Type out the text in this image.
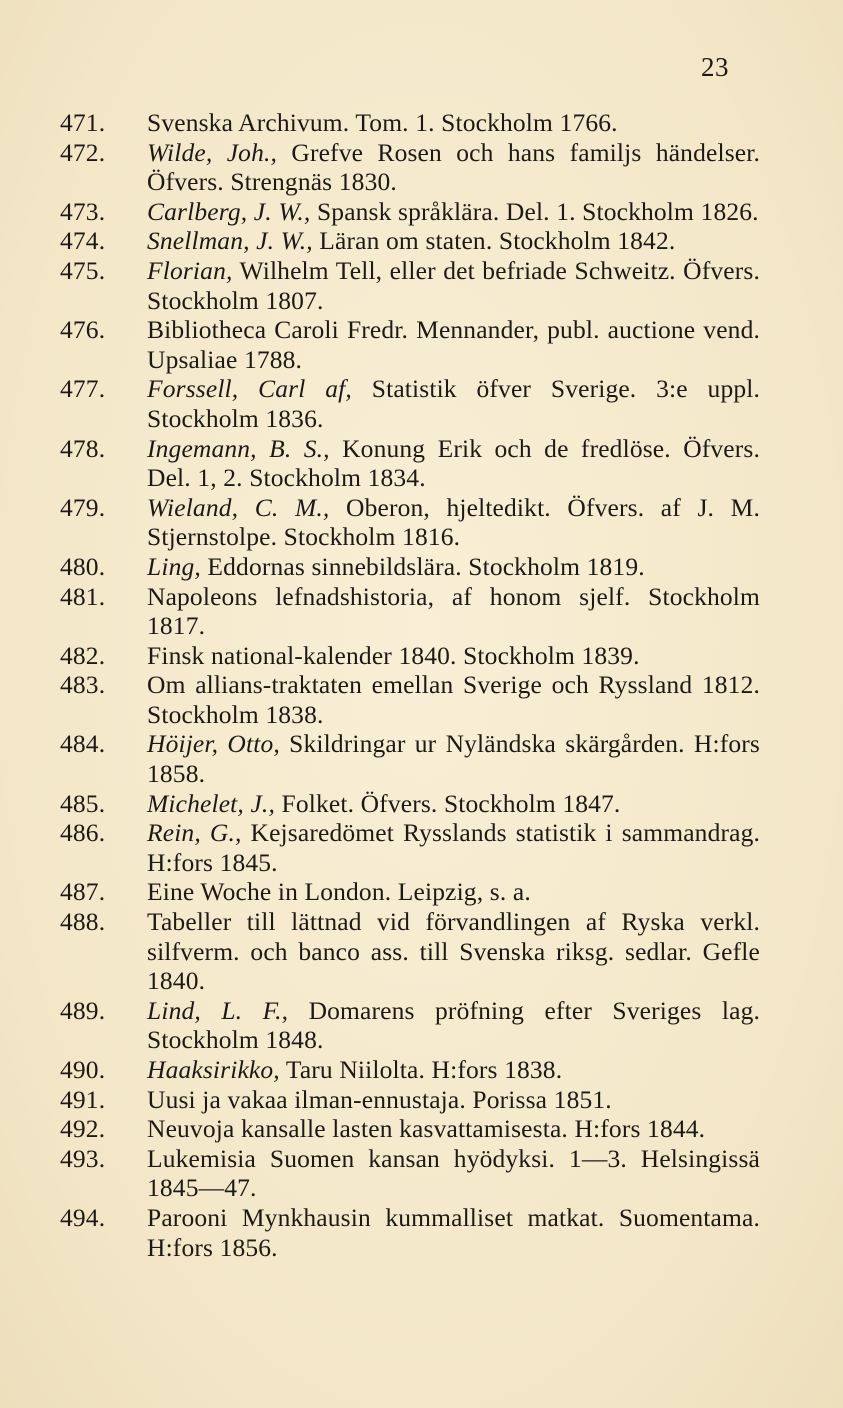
23
471. Svenska Archivum. Tom. 1. Stockholm 1766.
472. Wilde, Joh., Grefve Rosen och hans familjs händelser. Öfvers. Strengnäs 1830.
473. Carlberg, J. W., Spansk språklära. Del. 1. Stockholm 1826.
474. Snellman, J. W., Läran om staten. Stockholm 1842.
475. Florian, Wilhelm Tell, eller det befriade Schweitz. Öfvers. Stockholm 1807.
476. Bibliotheca Caroli Fredr. Mennander, publ. auctione vend. Upsaliae 1788.
477. Forssell, Carl af, Statistik öfver Sverige. 3:e uppl. Stockholm 1836.
478. Ingemann, B. S., Konung Erik och de fredlöse. Öfvers. Del. 1, 2. Stockholm 1834.
479. Wieland, C. M., Oberon, hjeltedikt. Öfvers. af J. M. Stjernstolpe. Stockholm 1816.
480. Ling, Eddornas sinnebildslära. Stockholm 1819.
481. Napoleons lefnadshistoria, af honom sjelf. Stockholm 1817.
482. Finsk national-kalender 1840. Stockholm 1839.
483. Om allians-traktaten emellan Sverige och Ryssland 1812. Stockholm 1838.
484. Höijer, Otto, Skildringar ur Nyländska skärgården. H:fors 1858.
485. Michelet, J., Folket. Öfvers. Stockholm 1847.
486. Rein, G., Kejsaredömet Rysslands statistik i sammandrag. H:fors 1845.
487. Eine Woche in London. Leipzig, s. a.
488. Tabeller till lättnad vid förvandlingen af Ryska verkl. silfverm. och banco ass. till Svenska riksg. sedlar. Gefle 1840.
489. Lind, L. F., Domarens pröfning efter Sveriges lag. Stockholm 1848.
490. Haaksirikko, Taru Niilolta. H:fors 1838.
491. Uusi ja vakaa ilman-ennustaja. Porissa 1851.
492. Neuvoja kansalle lasten kasvattamisesta. H:fors 1844.
493. Lukemisia Suomen kansan hyödyksi. 1—3. Helsingissä 1845—47.
494. Parooni Mynkhausin kummalliset matkat. Suomentama. H:fors 1856.
